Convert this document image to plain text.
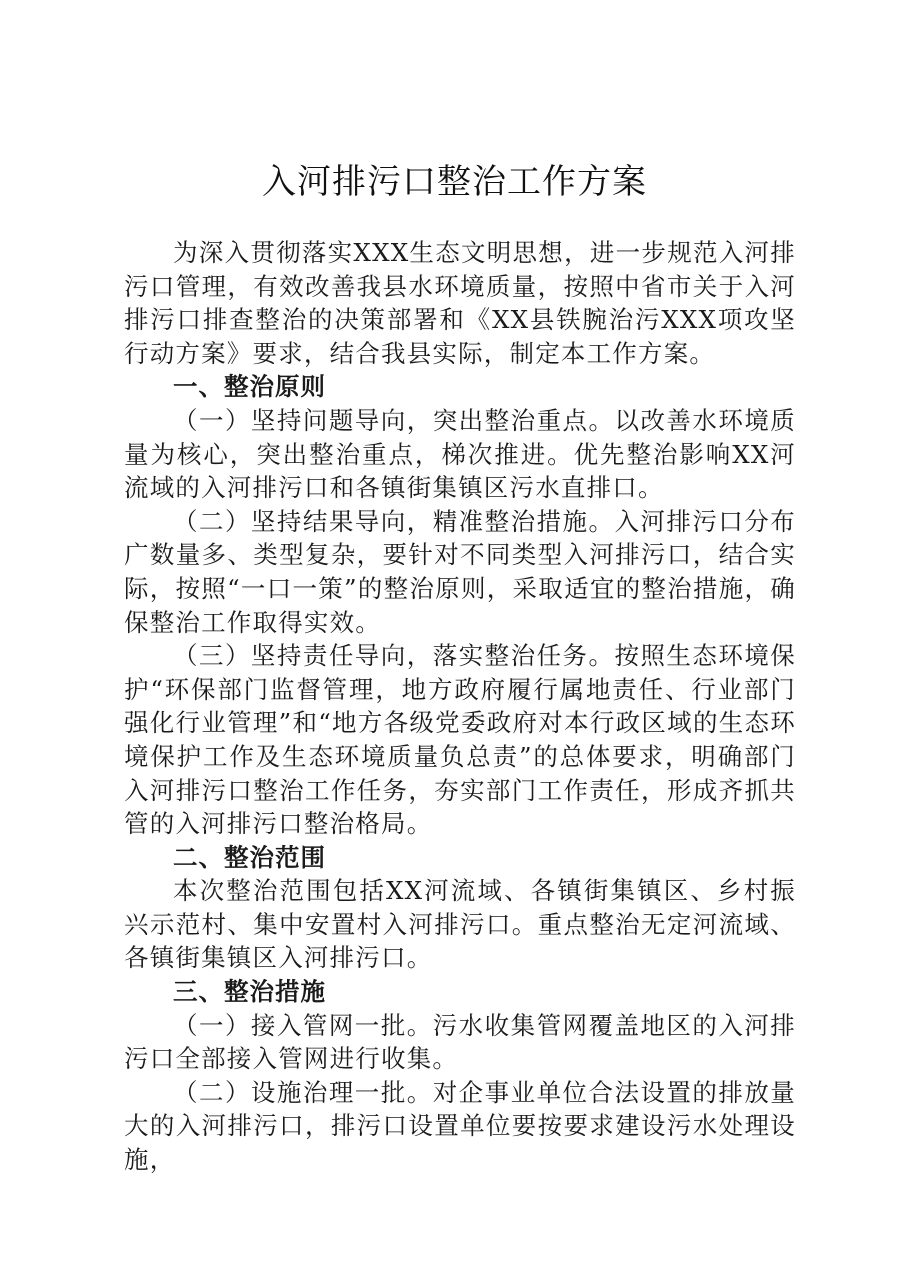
入河排污口整治工作方案

为深入贯彻落实XXX生态文明思想，进一步规范入河排污口管理，有效改善我县水环境质量，按照中省市关于入河排污口排查整治的决策部署和《XX县铁腕治污XXX项攻坚行动方案》要求，结合我县实际，制定本工作方案。

一、整治原则

（一）坚持问题导向，突出整治重点。以改善水环境质量为核心，突出整治重点，梯次推进。优先整治影响XX河流域的入河排污口和各镇街集镇区污水直排口。

（二）坚持结果导向，精准整治措施。入河排污口分布广数量多、类型复杂，要针对不同类型入河排污口，结合实际，按照“一口一策”的整治原则，采取适宜的整治措施，确保整治工作取得实效。

（三）坚持责任导向，落实整治任务。按照生态环境保护“环保部门监督管理，地方政府履行属地责任、行业部门强化行业管理”和“地方各级党委政府对本行政区域的生态环境保护工作及生态环境质量负总责”的总体要求，明确部门入河排污口整治工作任务，夯实部门工作责任，形成齐抓共管的入河排污口整治格局。

二、整治范围

本次整治范围包括XX河流域、各镇街集镇区、乡村振兴示范村、集中安置村入河排污口。重点整治无定河流域、各镇街集镇区入河排污口。

三、整治措施

（一）接入管网一批。污水收集管网覆盖地区的入河排污口全部接入管网进行收集。

（二）设施治理一批。对企事业单位合法设置的排放量大的入河排污口，排污口设置单位要按要求建设污水处理设施，
